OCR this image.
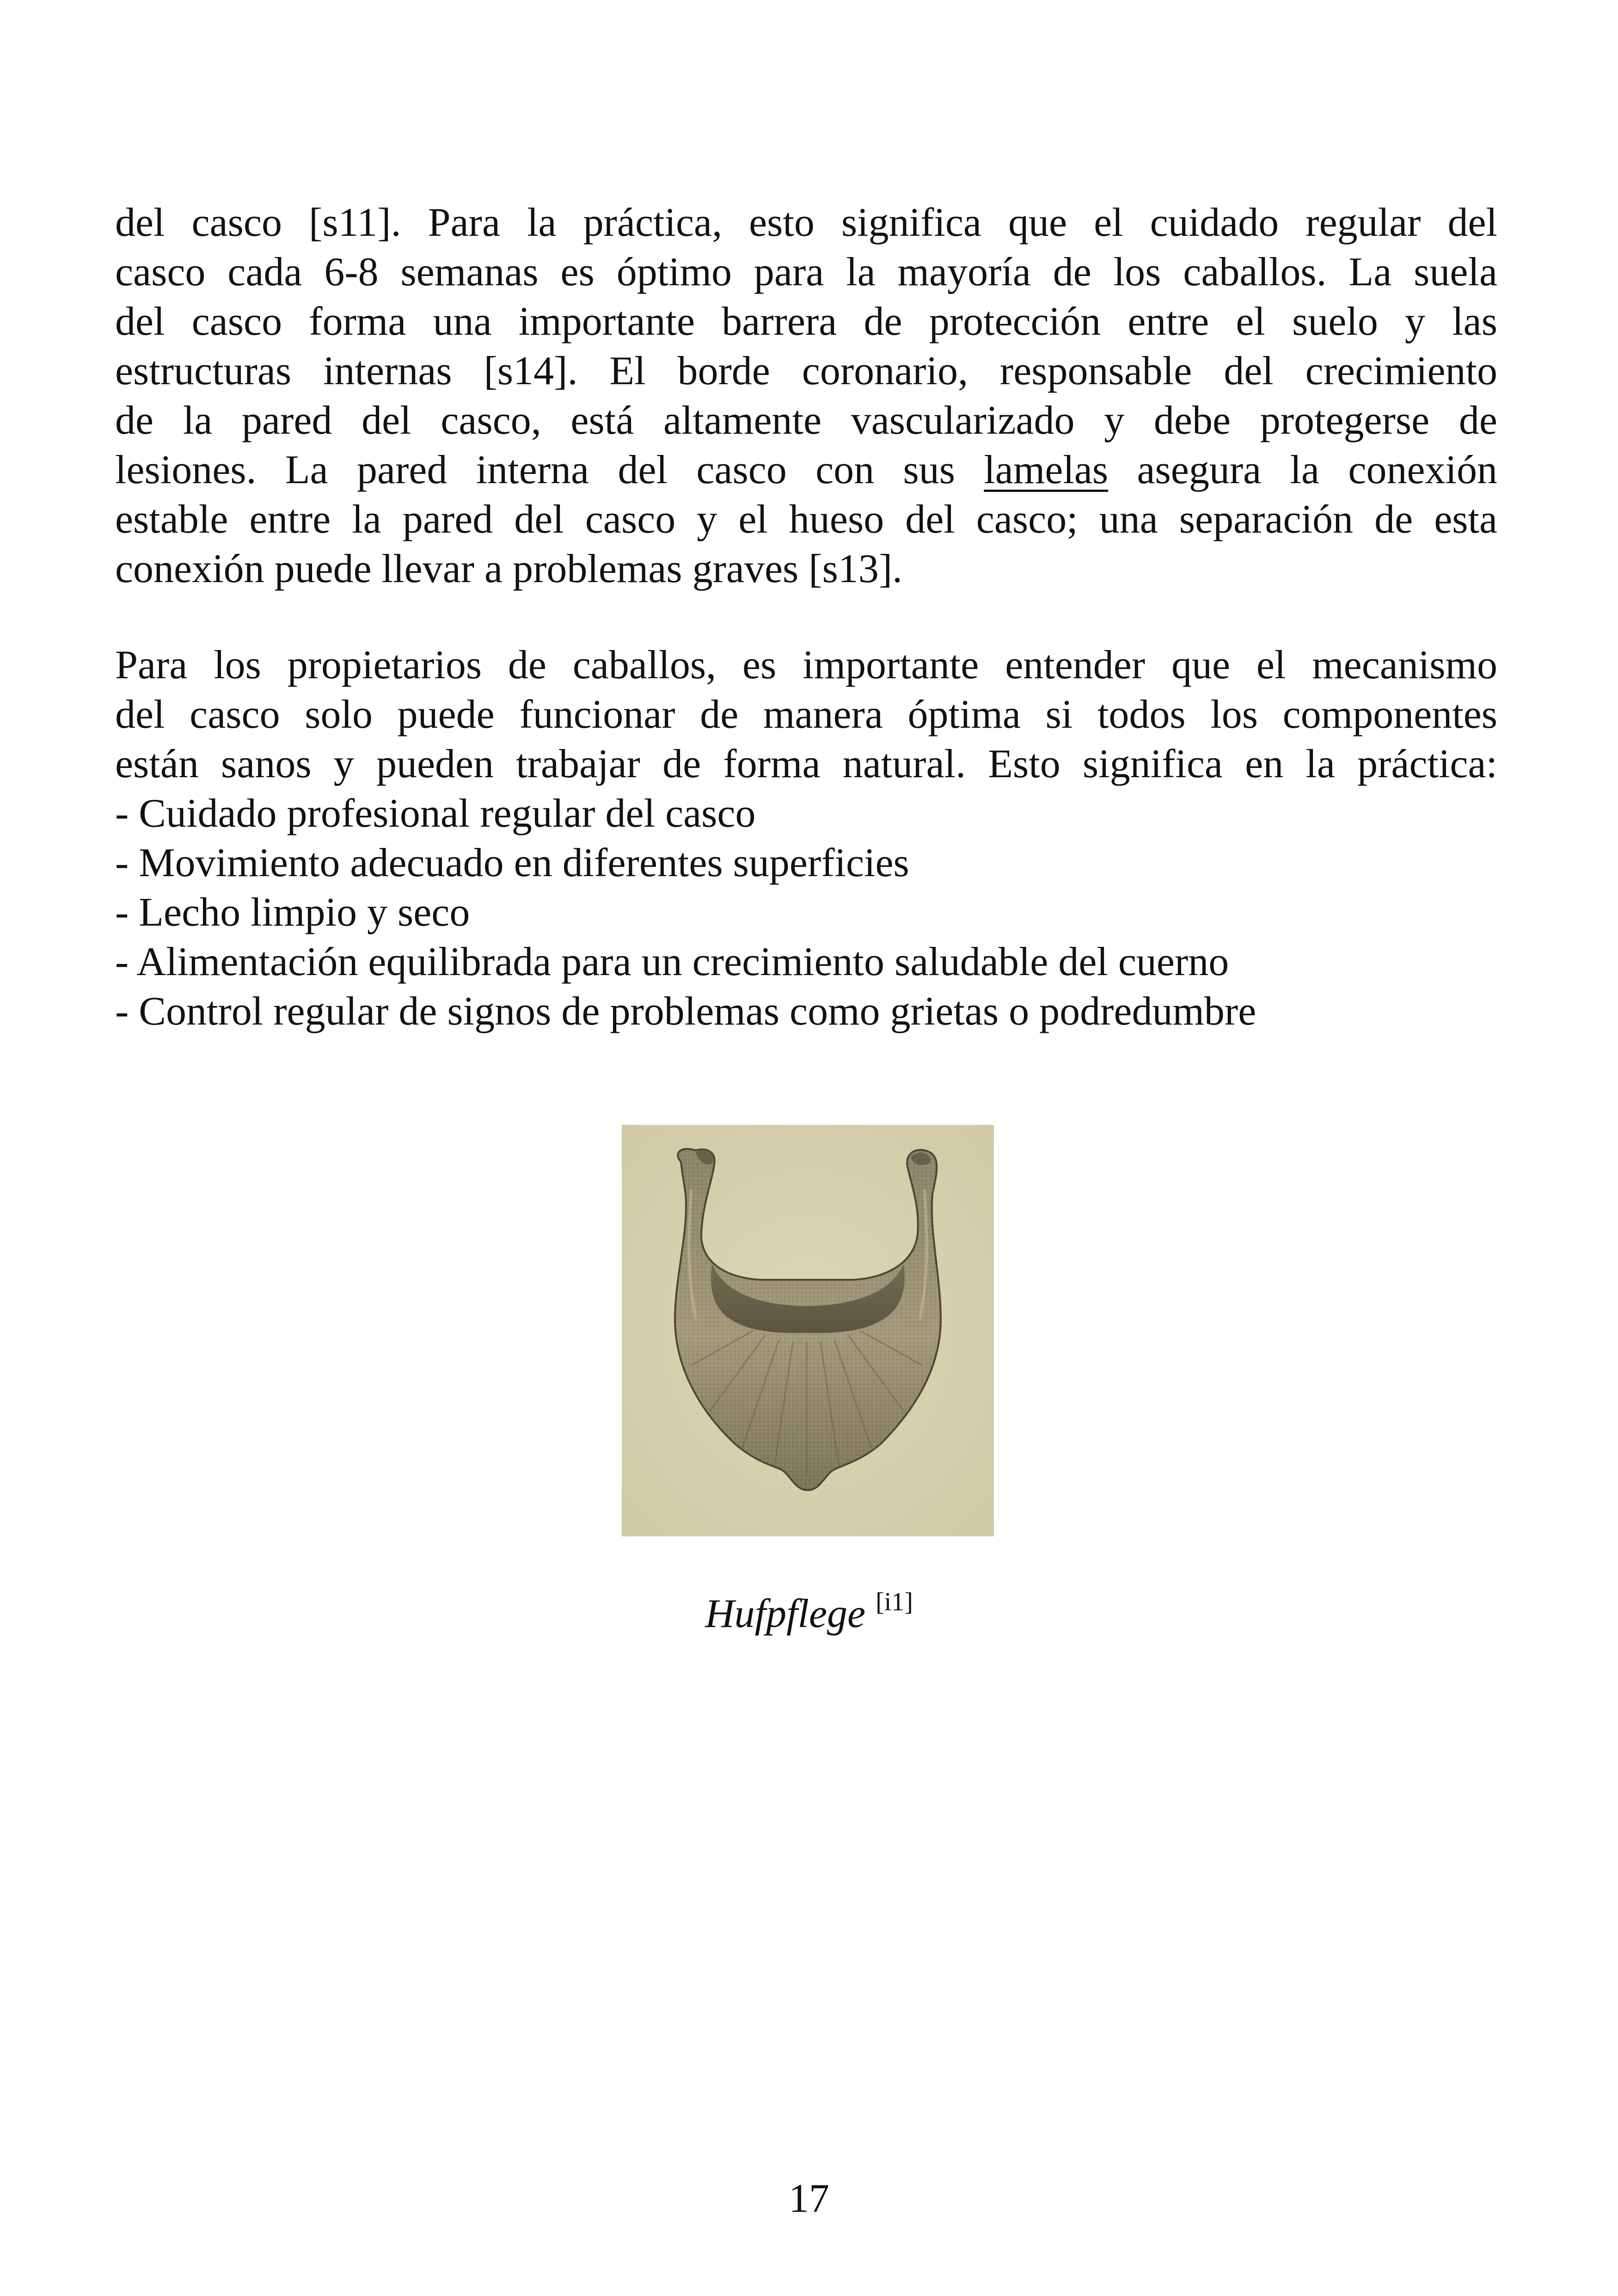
del casco [s11]. Para la práctica, esto significa que el cuidado regular del
casco cada 6-8 semanas es óptimo para la mayoría de los caballos. La suela
del casco forma una importante barrera de protección entre el suelo y las
estructuras internas [s14]. El borde coronario, responsable del crecimiento
de la pared del casco, está altamente vascularizado y debe protegerse de
lesiones. La pared interna del casco con sus lamelas asegura la conexión
estable entre la pared del casco y el hueso del casco; una separación de esta
conexión puede llevar a problemas graves [s13].
Para los propietarios de caballos, es importante entender que el mecanismo
del casco solo puede funcionar de manera óptima si todos los componentes
están sanos y pueden trabajar de forma natural. Esto significa en la práctica:
- Cuidado profesional regular del casco
- Movimiento adecuado en diferentes superficies
- Lecho limpio y seco
- Alimentación equilibrada para un crecimiento saludable del cuerno
- Control regular de signos de problemas como grietas o podredumbre
Hufpflege [i1]
17
